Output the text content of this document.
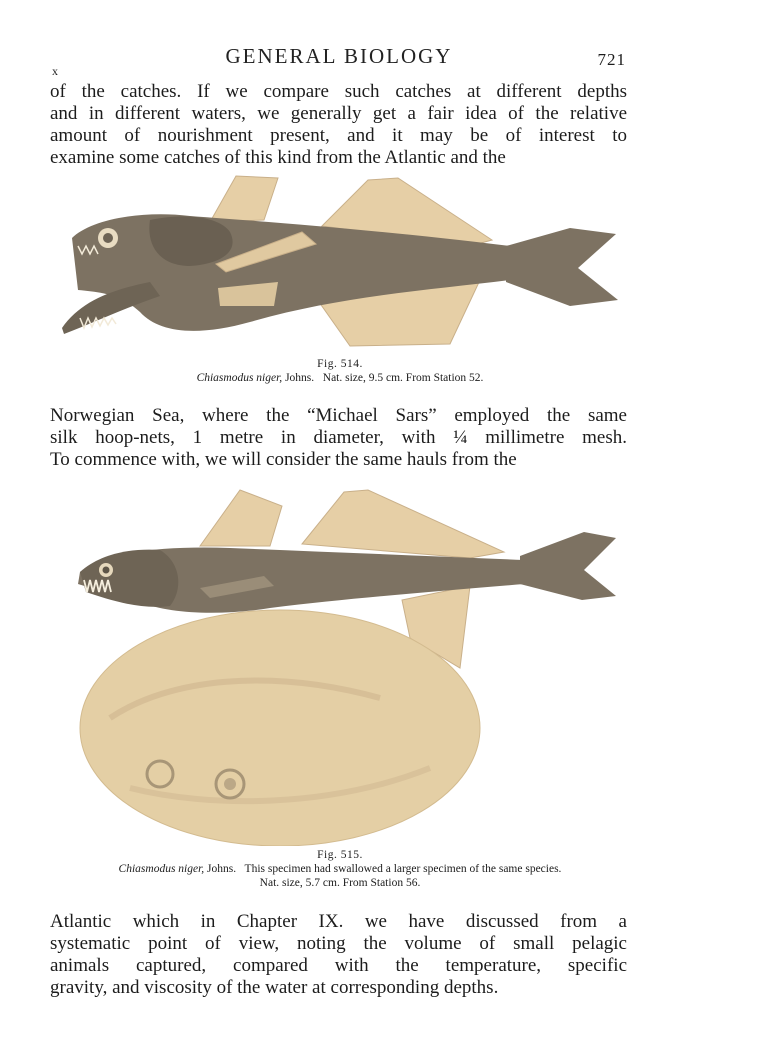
x
GENERAL BIOLOGY	721

of the catches. If we compare such catches at different depths
and in different waters, we generally get a fair idea of the relative
amount of nourishment present, and it may be of interest to
examine some catches of this kind from the Atlantic and the

Fig. 514.
Chiasmodus niger, Johns. Nat. size, 9.5 cm. From Station 52.

Norwegian Sea, where the “Michael Sars” employed the same
silk hoop-nets, 1 metre in diameter, with ¼ millimetre mesh.
To commence with, we will consider the same hauls from the

Fig. 515.
Chiasmodus niger, Johns. This specimen had swallowed a larger specimen of the same species.
Nat. size, 5.7 cm. From Station 56.

Atlantic which in Chapter IX. we have discussed from a
systematic point of view, noting the volume of small pelagic
animals captured, compared with the temperature, specific
gravity, and viscosity of the water at corresponding depths.
